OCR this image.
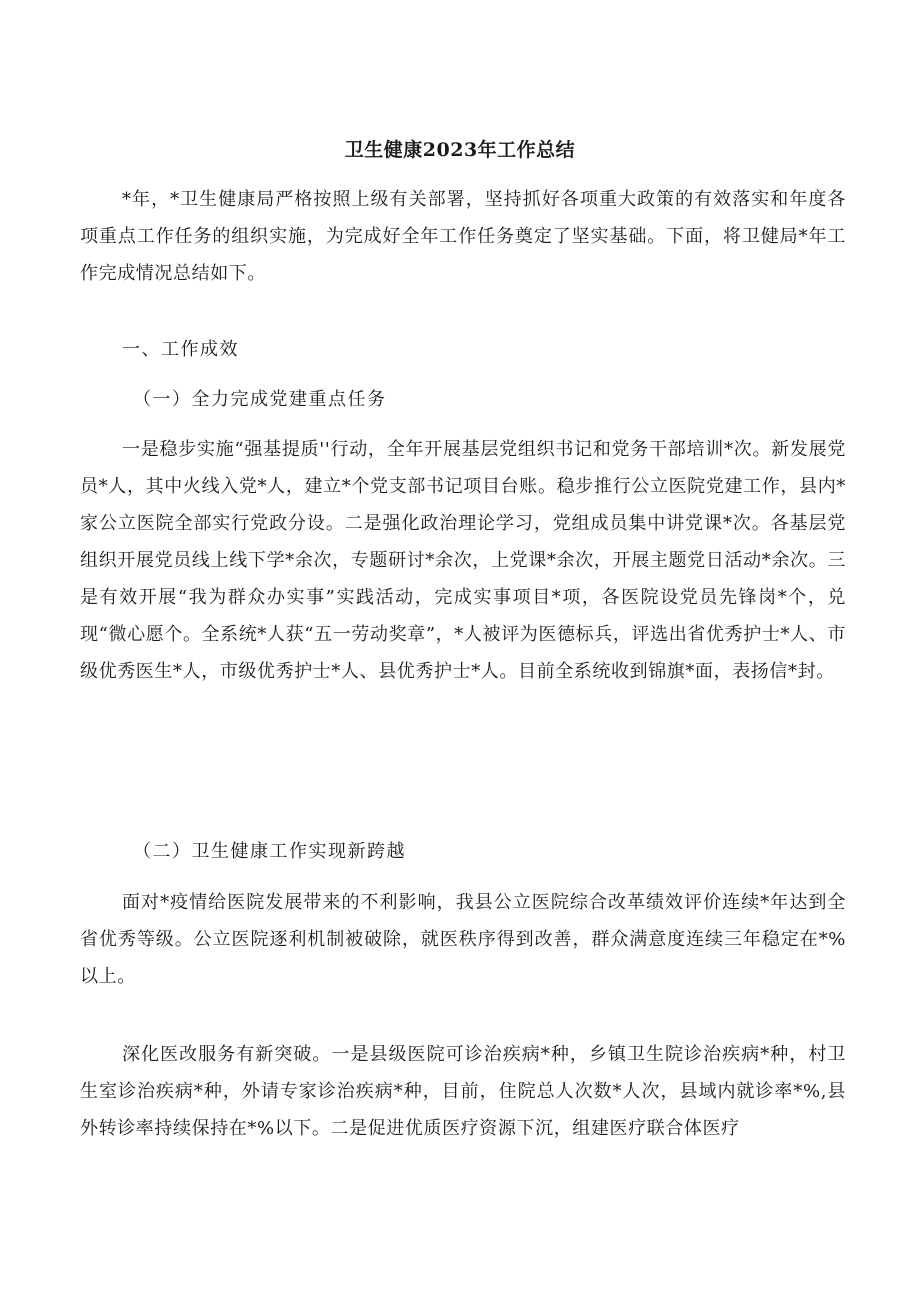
卫生健康2023年工作总结

*年，*卫生健康局严格按照上级有关部署，坚持抓好各项重大政策的有效落实和年度各项重点工作任务的组织实施，为完成好全年工作任务奠定了坚实基础。下面，将卫健局*年工作完成情况总结如下。

一、工作成效

（一）全力完成党建重点任务

一是稳步实施“强基提质''行动，全年开展基层党组织书记和党务干部培训*次。新发展党员*人，其中火线入党*人，建立*个党支部书记项目台账。稳步推行公立医院党建工作，县内*家公立医院全部实行党政分设。二是强化政治理论学习，党组成员集中讲党课*次。各基层党组织开展党员线上线下学*余次，专题研讨*余次，上党课*余次，开展主题党日活动*余次。三是有效开展“我为群众办实事”实践活动，完成实事项目*项，各医院设党员先锋岗*个，兑现“微心愿个。全系统*人获“五一劳动奖章”，*人被评为医德标兵，评选出省优秀护士*人、市级优秀医生*人，市级优秀护士*人、县优秀护士*人。目前全系统收到锦旗*面，表扬信*封。

（二）卫生健康工作实现新跨越

面对*疫情给医院发展带来的不利影响，我县公立医院综合改革绩效评价连续*年达到全省优秀等级。公立医院逐利机制被破除，就医秩序得到改善，群众满意度连续三年稳定在*%以上。

深化医改服务有新突破。一是县级医院可诊治疾病*种，乡镇卫生院诊治疾病*种，村卫生室诊治疾病*种，外请专家诊治疾病*种，目前，住院总人次数*人次，县域内就诊率*%,县外转诊率持续保持在*%以下。二是促进优质医疗资源下沉，组建医疗联合体医疗
